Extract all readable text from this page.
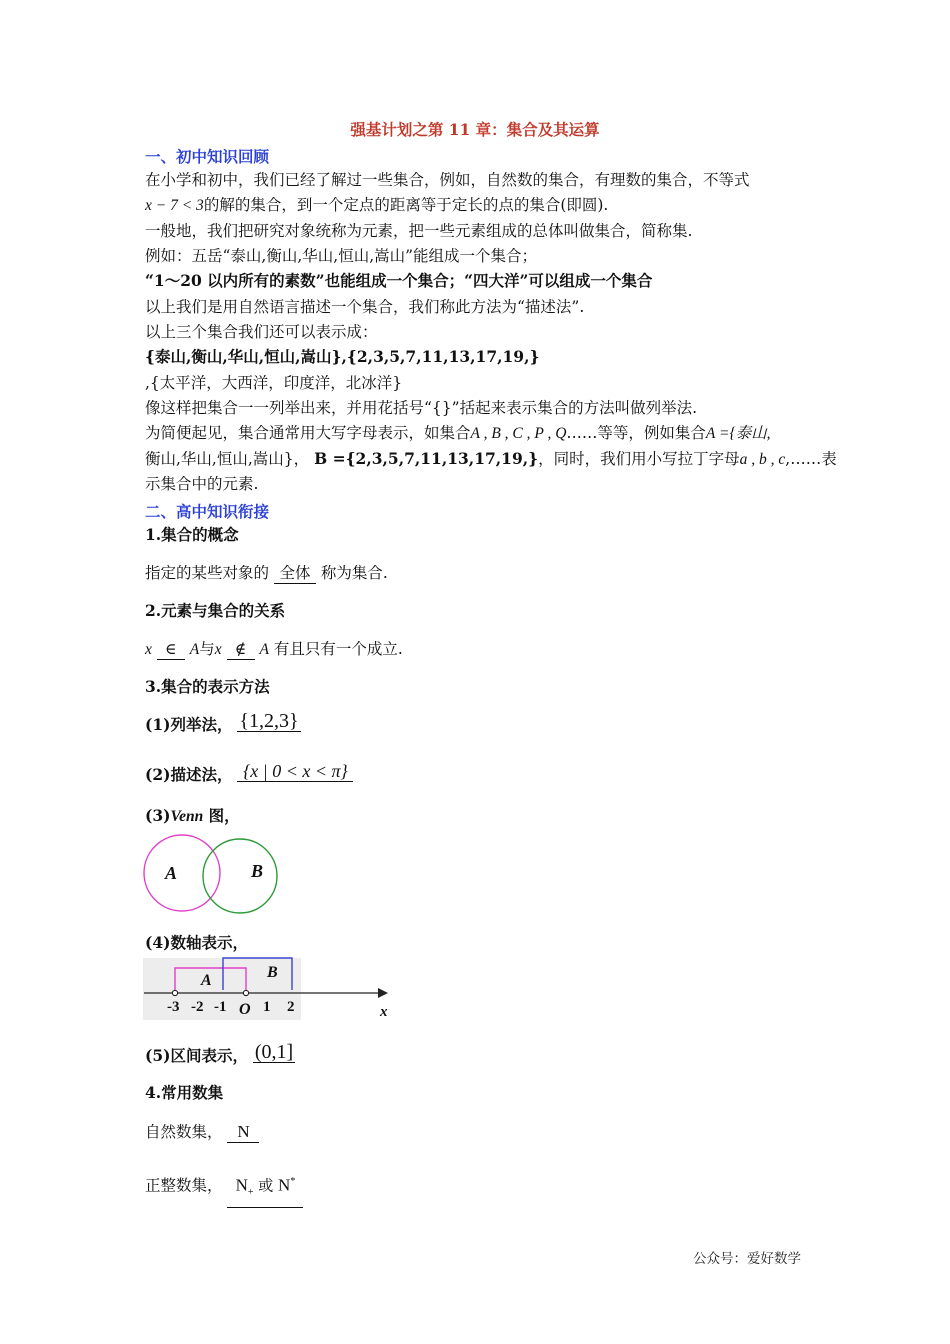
强基计划之第 11 章：集合及其运算
一、初中知识回顾
在小学和初中，我们已经了解过一些集合，例如，自然数的集合，有理数的集合，不等式
x − 7 < 3的解的集合，到一个定点的距离等于定长的点的集合(即圆).
一般地，我们把研究对象统称为元素，把一些元素组成的总体叫做集合，简称集.
例如：五岳“泰山,衡山,华山,恒山,嵩山”能组成一个集合；
“1～20 以内所有的素数”也能组成一个集合；“四大洋”可以组成一个集合
以上我们是用自然语言描述一个集合，我们称此方法为“描述法”.
以上三个集合我们还可以表示成：
{泰山,衡山,华山,恒山,嵩山},{2,3,5,7,11,13,17,19,}
,{太平洋，大西洋，印度洋，北冰洋}
像这样把集合一一列举出来，并用花括号“{}”括起来表示集合的方法叫做列举法.
为简便起见，集合通常用大写字母表示，如集合A , B , C , P , Q……等等，例如集合A ={泰山,
衡山,华山,恒山,嵩山}， B ={2,3,5,7,11,13,17,19,}，同时，我们用小写拉丁字母a , b , c,……表
示集合中的元素.
二、高中知识衔接
1.集合的概念
指定的某些对象的 全体 称为集合.
2.元素与集合的关系
x ∈ A与x ∉ A 有且只有一个成立.
3.集合的表示方法
(1)列举法， {1,2,3}
(2)描述法， {x | 0 < x < π}
(3)Venn 图，
A	B
(4)数轴表示，
A	B
-3 -2 -1 O 1 2	x
(5)区间表示， (0,1]
4.常用数集
自然数集， N
正整数集， $N_+$ 或 N*
公众号：爱好数学
